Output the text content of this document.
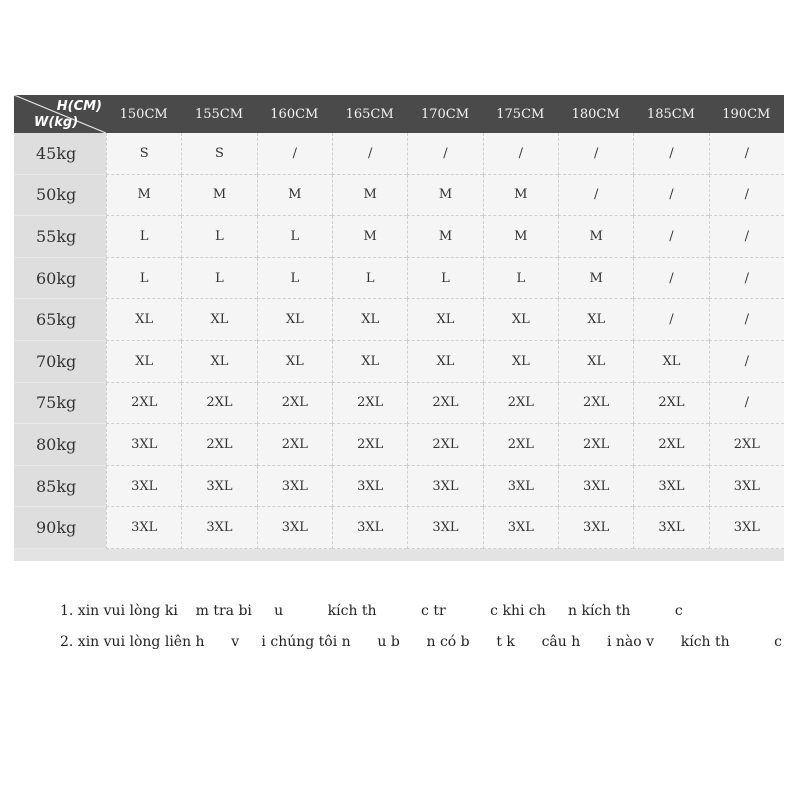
H(CM)
W(kg)
150CM	155CM	160CM	165CM	170CM	175CM	180CM	185CM	190CM
45kg	S	S	/	/	/	/	/	/	/
50kg	M	M	M	M	M	M	/	/	/
55kg	L	L	L	M	M	M	M	/	/
60kg	L	L	L	L	L	L	M	/	/
65kg	XL	XL	XL	XL	XL	XL	XL	/	/
70kg	XL	XL	XL	XL	XL	XL	XL	XL	/
75kg	2XL	2XL	2XL	2XL	2XL	2XL	2XL	2XL	/
80kg	3XL	2XL	2XL	2XL	2XL	2XL	2XL	2XL	2XL
85kg	3XL	3XL	3XL	3XL	3XL	3XL	3XL	3XL	3XL
90kg	3XL	3XL	3XL	3XL	3XL	3XL	3XL	3XL	3XL
1. xin vui lòng ki    m tra bi     u          kích th          c tr          c khi ch     n kích th          c
2. xin vui lòng liên h      v     i chúng tôi n      u b      n có b      t k      câu h      i nào v      kích th          c
